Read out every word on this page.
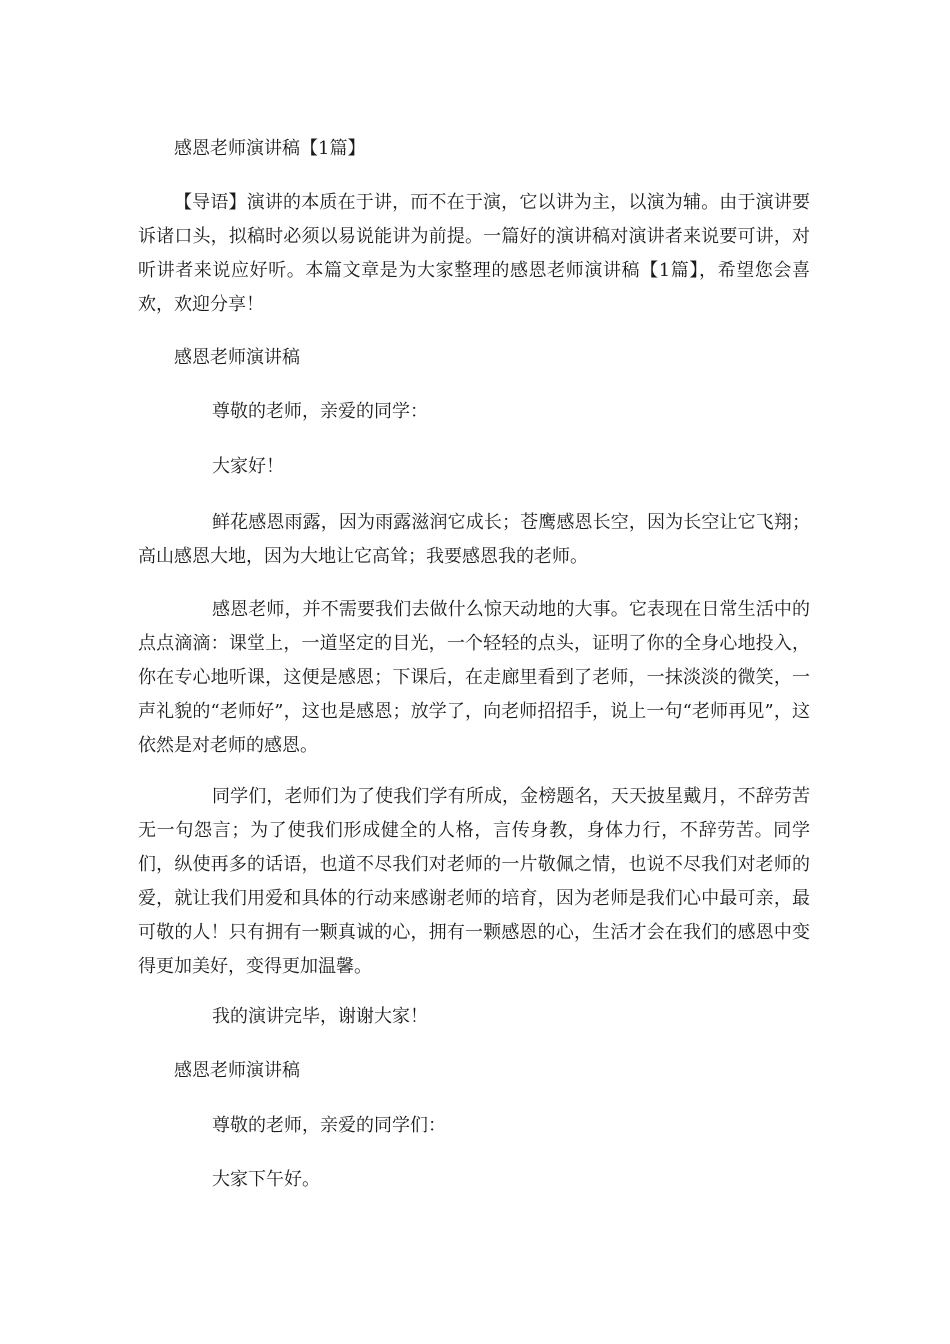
感恩老师演讲稿【1篇】

【导语】演讲的本质在于讲，而不在于演，它以讲为主，以演为辅。由于演讲要诉诸口头，拟稿时必须以易说能讲为前提。一篇好的演讲稿对演讲者来说要可讲，对听讲者来说应好听。本篇文章是为大家整理的感恩老师演讲稿【1篇】，希望您会喜欢，欢迎分享！

感恩老师演讲稿

尊敬的老师，亲爱的同学：

大家好！

鲜花感恩雨露，因为雨露滋润它成长；苍鹰感恩长空，因为长空让它飞翔；高山感恩大地，因为大地让它高耸；我要感恩我的老师。

感恩老师，并不需要我们去做什么惊天动地的大事。它表现在日常生活中的点点滴滴：课堂上，一道坚定的目光，一个轻轻的点头，证明了你的全身心地投入，你在专心地听课，这便是感恩；下课后，在走廊里看到了老师，一抹淡淡的微笑，一声礼貌的“老师好”，这也是感恩；放学了，向老师招招手，说上一句“老师再见”，这依然是对老师的感恩。

同学们，老师们为了使我们学有所成，金榜题名，天天披星戴月，不辞劳苦无一句怨言；为了使我们形成健全的人格，言传身教，身体力行，不辞劳苦。同学们，纵使再多的话语，也道不尽我们对老师的一片敬佩之情，也说不尽我们对老师的爱，就让我们用爱和具体的行动来感谢老师的培育，因为老师是我们心中最可亲，最可敬的人！只有拥有一颗真诚的心，拥有一颗感恩的心，生活才会在我们的感恩中变得更加美好，变得更加温馨。

我的演讲完毕，谢谢大家！

感恩老师演讲稿

尊敬的老师，亲爱的同学们：

大家下午好。
